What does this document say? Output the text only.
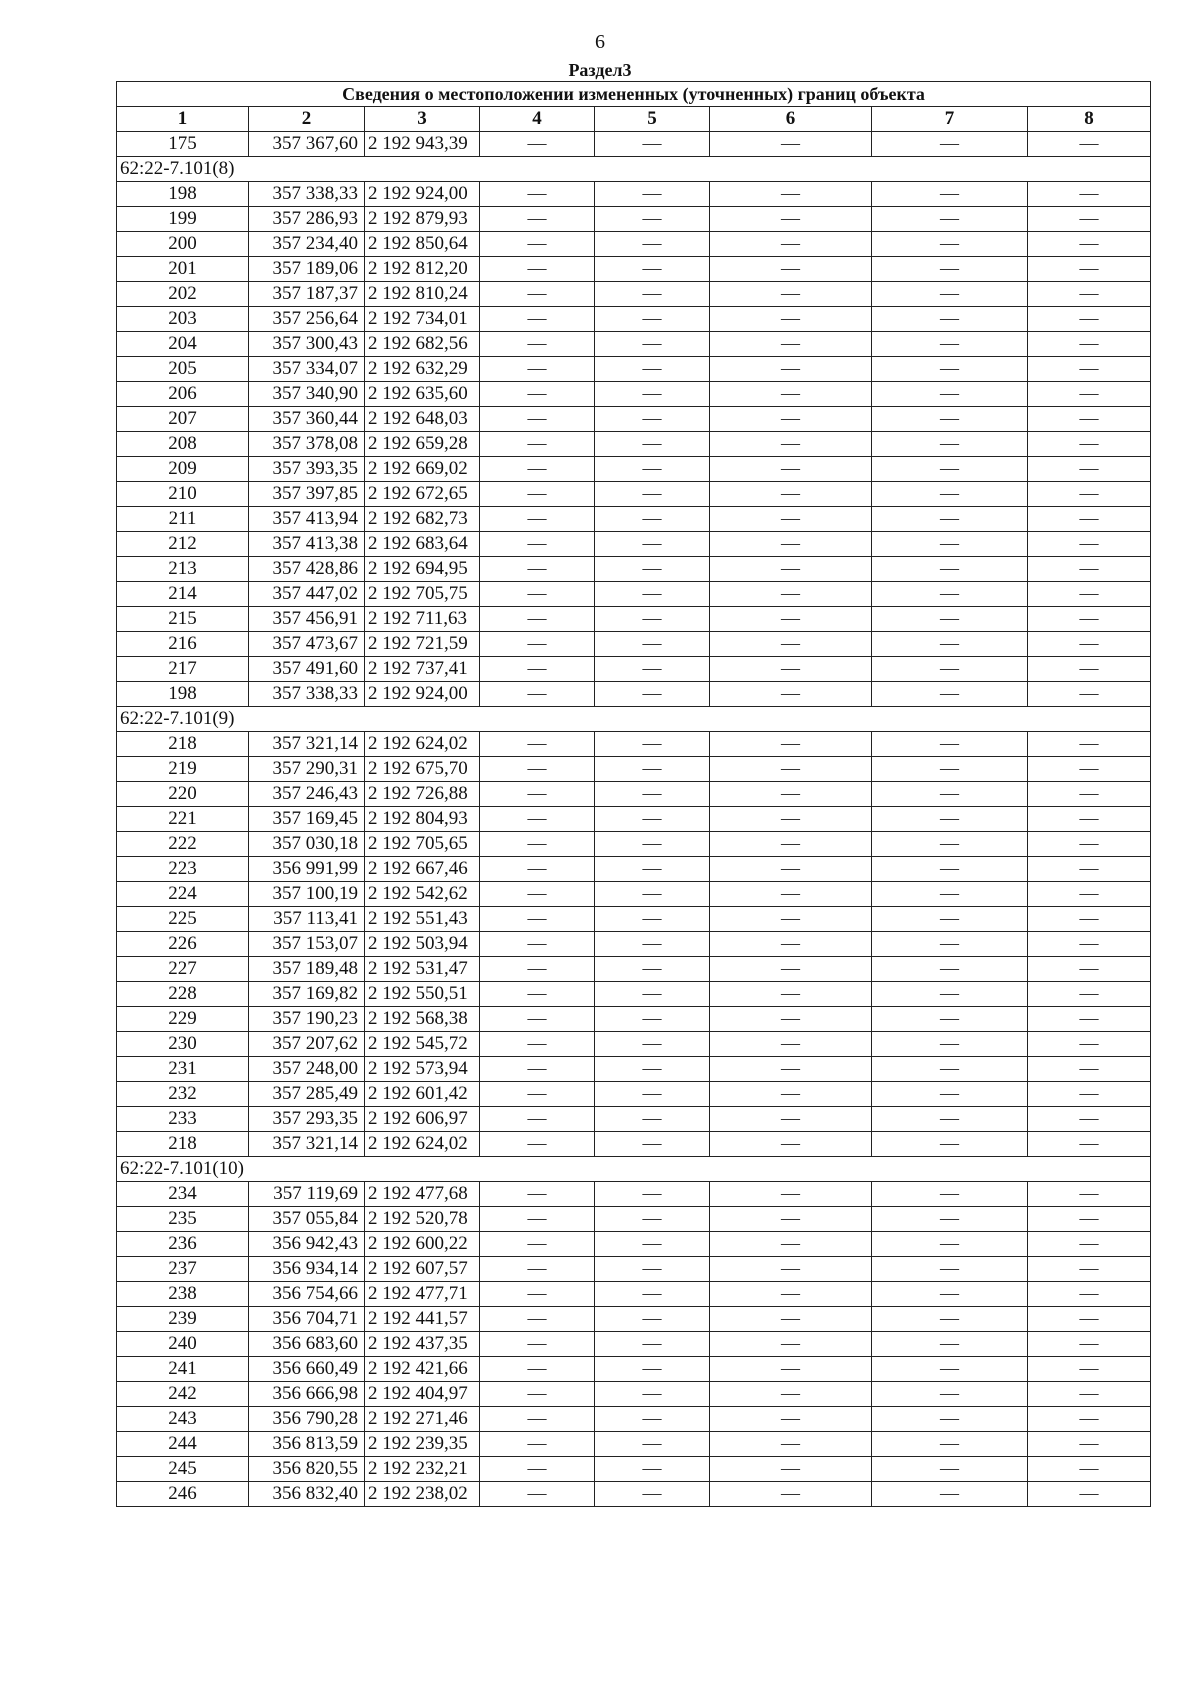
6
Раздел3
Сведения о местоположении измененных (уточненных) границ объекта							
1	2	3	4	5	6	7	8
175	357 367,60	2 192 943,39	—	—	—	—	—
62:22-7.101(8)							
198	357 338,33	2 192 924,00	—	—	—	—	—
199	357 286,93	2 192 879,93	—	—	—	—	—
200	357 234,40	2 192 850,64	—	—	—	—	—
201	357 189,06	2 192 812,20	—	—	—	—	—
202	357 187,37	2 192 810,24	—	—	—	—	—
203	357 256,64	2 192 734,01	—	—	—	—	—
204	357 300,43	2 192 682,56	—	—	—	—	—
205	357 334,07	2 192 632,29	—	—	—	—	—
206	357 340,90	2 192 635,60	—	—	—	—	—
207	357 360,44	2 192 648,03	—	—	—	—	—
208	357 378,08	2 192 659,28	—	—	—	—	—
209	357 393,35	2 192 669,02	—	—	—	—	—
210	357 397,85	2 192 672,65	—	—	—	—	—
211	357 413,94	2 192 682,73	—	—	—	—	—
212	357 413,38	2 192 683,64	—	—	—	—	—
213	357 428,86	2 192 694,95	—	—	—	—	—
214	357 447,02	2 192 705,75	—	—	—	—	—
215	357 456,91	2 192 711,63	—	—	—	—	—
216	357 473,67	2 192 721,59	—	—	—	—	—
217	357 491,60	2 192 737,41	—	—	—	—	—
198	357 338,33	2 192 924,00	—	—	—	—	—
62:22-7.101(9)							
218	357 321,14	2 192 624,02	—	—	—	—	—
219	357 290,31	2 192 675,70	—	—	—	—	—
220	357 246,43	2 192 726,88	—	—	—	—	—
221	357 169,45	2 192 804,93	—	—	—	—	—
222	357 030,18	2 192 705,65	—	—	—	—	—
223	356 991,99	2 192 667,46	—	—	—	—	—
224	357 100,19	2 192 542,62	—	—	—	—	—
225	357 113,41	2 192 551,43	—	—	—	—	—
226	357 153,07	2 192 503,94	—	—	—	—	—
227	357 189,48	2 192 531,47	—	—	—	—	—
228	357 169,82	2 192 550,51	—	—	—	—	—
229	357 190,23	2 192 568,38	—	—	—	—	—
230	357 207,62	2 192 545,72	—	—	—	—	—
231	357 248,00	2 192 573,94	—	—	—	—	—
232	357 285,49	2 192 601,42	—	—	—	—	—
233	357 293,35	2 192 606,97	—	—	—	—	—
218	357 321,14	2 192 624,02	—	—	—	—	—
62:22-7.101(10)							
234	357 119,69	2 192 477,68	—	—	—	—	—
235	357 055,84	2 192 520,78	—	—	—	—	—
236	356 942,43	2 192 600,22	—	—	—	—	—
237	356 934,14	2 192 607,57	—	—	—	—	—
238	356 754,66	2 192 477,71	—	—	—	—	—
239	356 704,71	2 192 441,57	—	—	—	—	—
240	356 683,60	2 192 437,35	—	—	—	—	—
241	356 660,49	2 192 421,66	—	—	—	—	—
242	356 666,98	2 192 404,97	—	—	—	—	—
243	356 790,28	2 192 271,46	—	—	—	—	—
244	356 813,59	2 192 239,35	—	—	—	—	—
245	356 820,55	2 192 232,21	—	—	—	—	—
246	356 832,40	2 192 238,02	—	—	—	—	—
